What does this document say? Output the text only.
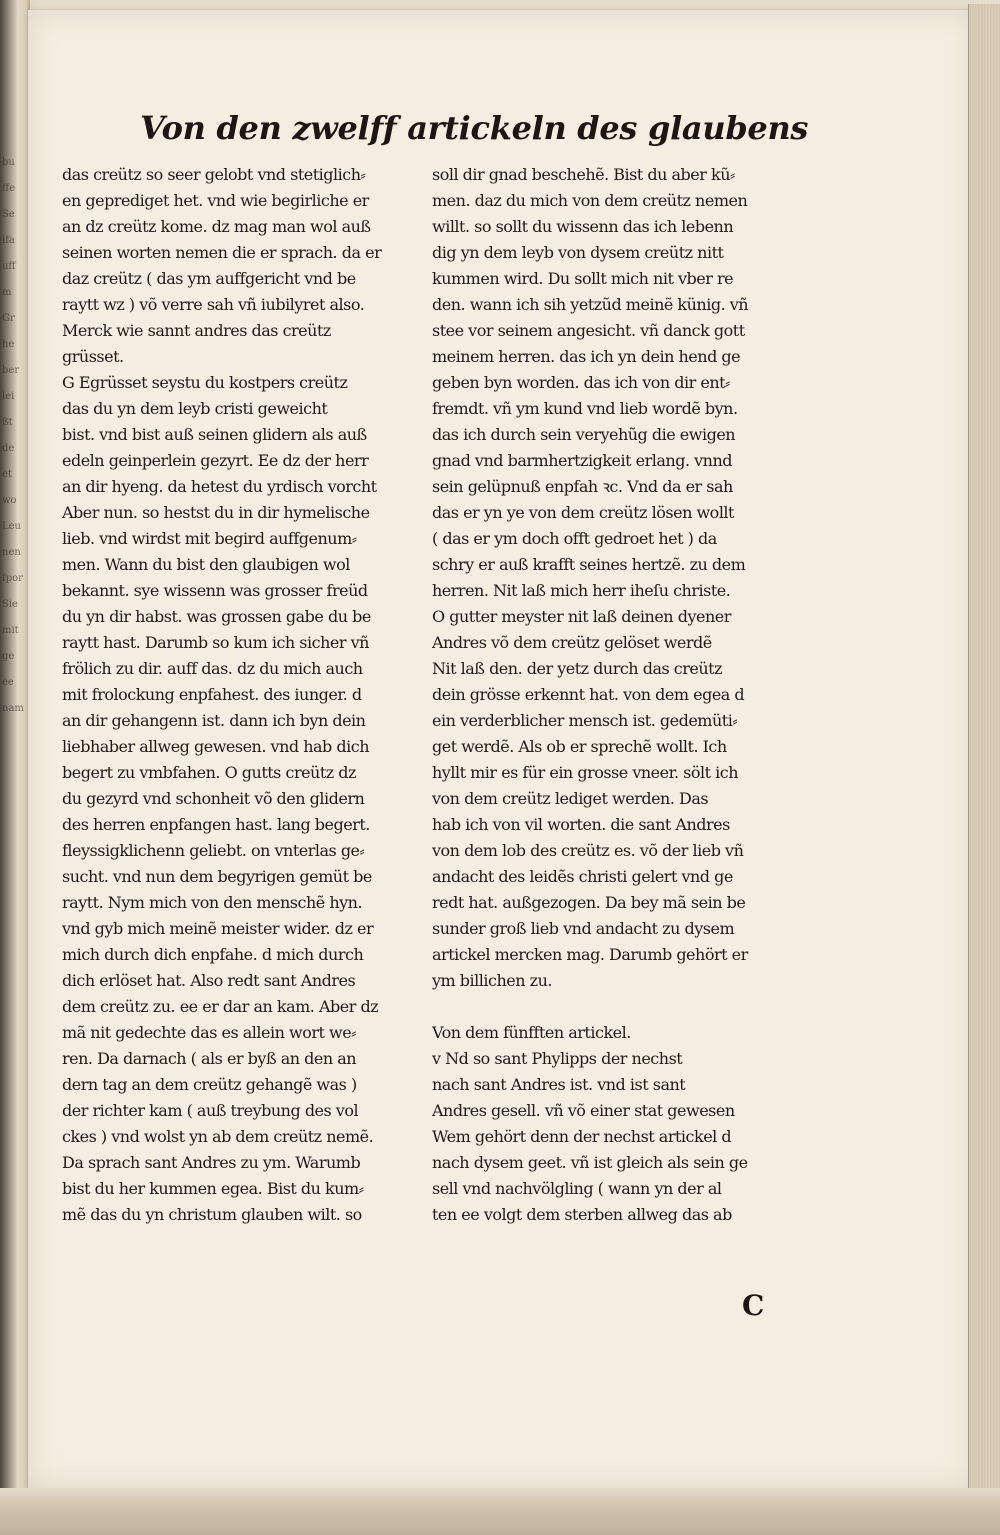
bu
ffe
Se
ifa
uff
m
Gr
he
ber
lei
ßt
de
et
wo
Leu
nen
fpor
Sie
mit
ge
ee
nam
Von den zwelff artickeln des glaubens
das creütz so seer gelobt vnd stetiglich⸗
en geprediget het. vnd wie begirliche er
an dz creütz kome. dz mag man wol auß
seinen worten nemen die er sprach. da er
daz creütz ( das ym auffgericht vnd be
raytt wz ) võ verre sah vñ iubilyret also.
Merck wie sannt andres das creütz
grüsset.
G Egrüsset seystu du kostpers creütz
das du yn dem leyb cristi geweicht
bist. vnd bist auß seinen glidern als auß
edeln geinperlein gezyrt. Ee dz der herr
an dir hyeng. da hetest du yrdisch vorcht
Aber nun. so hestst du in dir hymelische
lieb. vnd wirdst mit begird auffgenum⸗
men. Wann du bist den glaubigen wol
bekannt. sye wissenn was grosser freüd
du yn dir habst. was grossen gabe du be
raytt hast. Darumb so kum ich sicher vñ
frölich zu dir. auff das. dz du mich auch
mit frolockung enpfahest. des iunger. d
an dir gehangenn ist. dann ich byn dein
liebhaber allweg gewesen. vnd hab dich
begert zu vmbfahen. O gutts creütz dz
du gezyrd vnd schonheit võ den glidern
des herren enpfangen hast. lang begert.
fleyssigklichenn geliebt. on vnterlas ge⸗
sucht. vnd nun dem begyrigen gemüt be
raytt. Nym mich von den menschẽ hyn.
vnd gyb mich meinẽ meister wider. dz er
mich durch dich enpfahe. d mich durch
dich erlöset hat. Also redt sant Andres
dem creütz zu. ee er dar an kam. Aber dz
mã nit gedechte das es allein wort we⸗
ren. Da darnach ( als er byß an den an
dern tag an dem creütz gehangẽ was )
der richter kam ( auß treybung des vol
ckes ) vnd wolst yn ab dem creütz nemẽ.
Da sprach sant Andres zu ym. Warumb
bist du her kummen egea. Bist du kum⸗
mẽ das du yn christum glauben wilt. so
soll dir gnad beschehẽ. Bist du aber kũ⸗
men. daz du mich von dem creütz nemen
willt. so sollt du wissenn das ich lebenn
dig yn dem leyb von dysem creütz nitt
kummen wird. Du sollt mich nit vber re
den. wann ich sih yetzũd meinẽ künig. vñ
stee vor seinem angesicht. vñ danck gott
meinem herren. das ich yn dein hend ge
geben byn worden. das ich von dir ent⸗
fremdt. vñ ym kund vnd lieb wordẽ byn.
das ich durch sein veryehũg die ewigen
gnad vnd barmhertzigkeit erlang. vnnd
sein gelüpnuß enpfah ꝛc. Vnd da er sah
das er yn ye von dem creütz lösen wollt
( das er ym doch offt gedroet het ) da
schry er auß krafft seines hertzẽ. zu dem
herren. Nit laß mich herr iheſu christe.
O gutter meyster nit laß deinen dyener
Andres võ dem creütz gelöset werdẽ
Nit laß den. der yetz durch das creütz
dein grösse erkennt hat. von dem egea d
ein verderblicher mensch ist. gedemüti⸗
get werdẽ. Als ob er sprechẽ wollt. Ich
hyllt mir es für ein grosse vneer. sölt ich
von dem creütz lediget werden. Das
hab ich von vil worten. die sant Andres
von dem lob des creütz es. võ der lieb vñ
andacht des leidẽs christi gelert vnd ge
redt hat. außgezogen. Da bey mã sein be
sunder groß lieb vnd andacht zu dysem
artickel mercken mag. Darumb gehört er
ym billichen zu.
Von dem fünfften artickel.
v Nd so sant Phylipps der nechst
nach sant Andres ist. vnd ist sant
Andres gesell. vñ võ einer stat gewesen
Wem gehört denn der nechst artickel d
nach dysem geet. vñ ist gleich als sein ge
sell vnd nachvölgling ( wann yn der al
ten ee volgt dem sterben allweg das ab
C
